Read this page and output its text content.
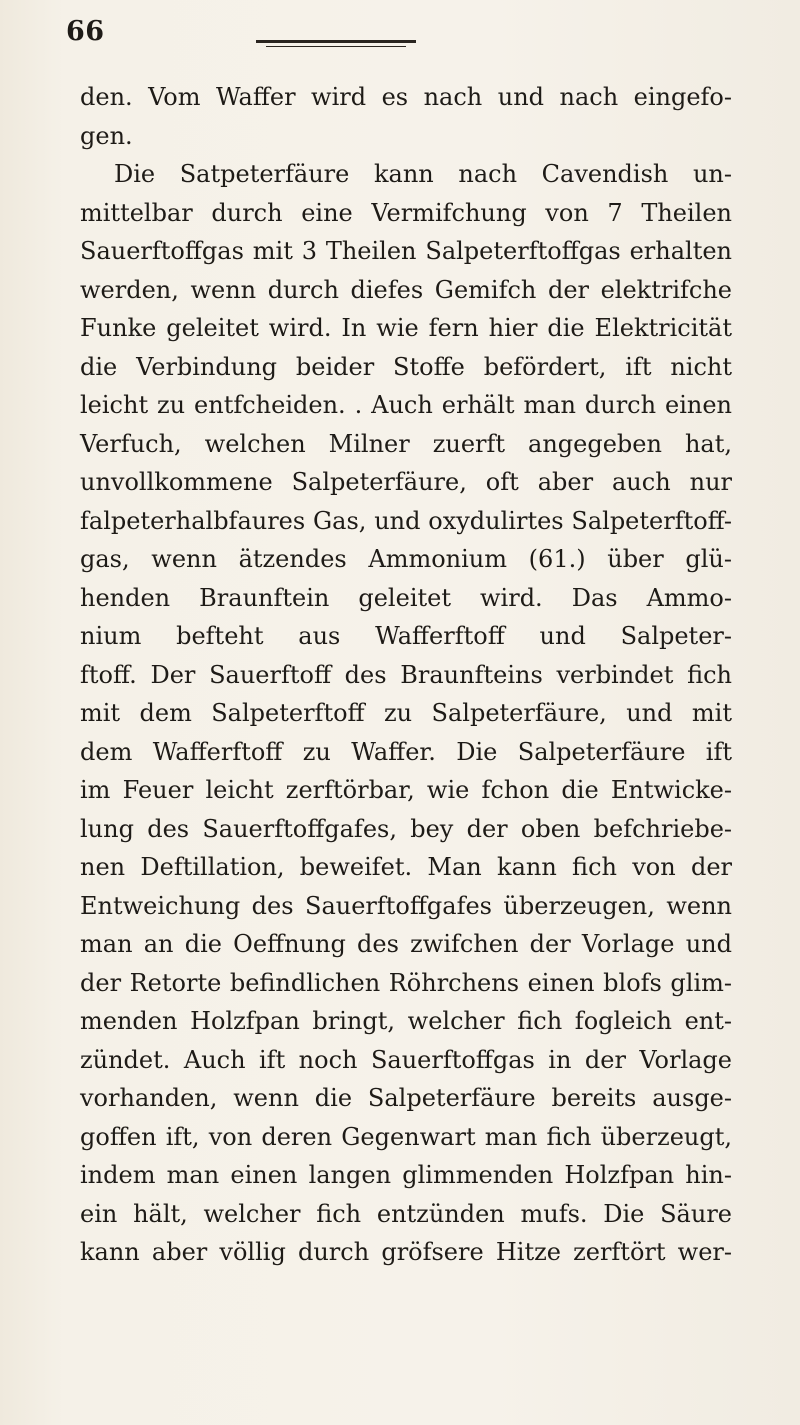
66
den. Vom Waffer wird es nach und nach eingefo-
gen.
Die Satpeterfäure kann nach Cavendish un-
mittelbar durch eine Vermifchung von 7 Theilen
Sauerftoffgas mit 3 Theilen Salpeterftoffgas erhalten
werden, wenn durch diefes Gemifch der elektrifche
Funke geleitet wird. In wie fern hier die Elektricität
die Verbindung beider Stoffe befördert, ift nicht
leicht zu entfcheiden. . Auch erhält man durch einen
Verfuch, welchen Milner zuerft angegeben hat,
unvollkommene Salpeterfäure, oft aber auch nur
falpeterhalbfaures Gas, und oxydulirtes Salpeterftoff-
gas, wenn ätzendes Ammonium (61.) über glü-
henden Braunftein geleitet wird. Das Ammo-
nium befteht aus Wafferftoff und Salpeter-
ftoff. Der Sauerftoff des Braunfteins verbindet fich
mit dem Salpeterftoff zu Salpeterfäure, und mit
dem Wafferftoff zu Waffer. Die Salpeterfäure ift
im Feuer leicht zerftörbar, wie fchon die Entwicke-
lung des Sauerftoffgafes, bey der oben befchriebe-
nen Deftillation, beweifet. Man kann fich von der
Entweichung des Sauerftoffgafes überzeugen, wenn
man an die Oeffnung des zwifchen der Vorlage und
der Retorte befindlichen Röhrchens einen blofs glim-
menden Holzfpan bringt, welcher fich fogleich ent-
zündet. Auch ift noch Sauerftoffgas in der Vorlage
vorhanden, wenn die Salpeterfäure bereits ausge-
goffen ift, von deren Gegenwart man fich überzeugt,
indem man einen langen glimmenden Holzfpan hin-
ein hält, welcher fich entzünden mufs. Die Säure
kann aber völlig durch gröfsere Hitze zerftört wer-
